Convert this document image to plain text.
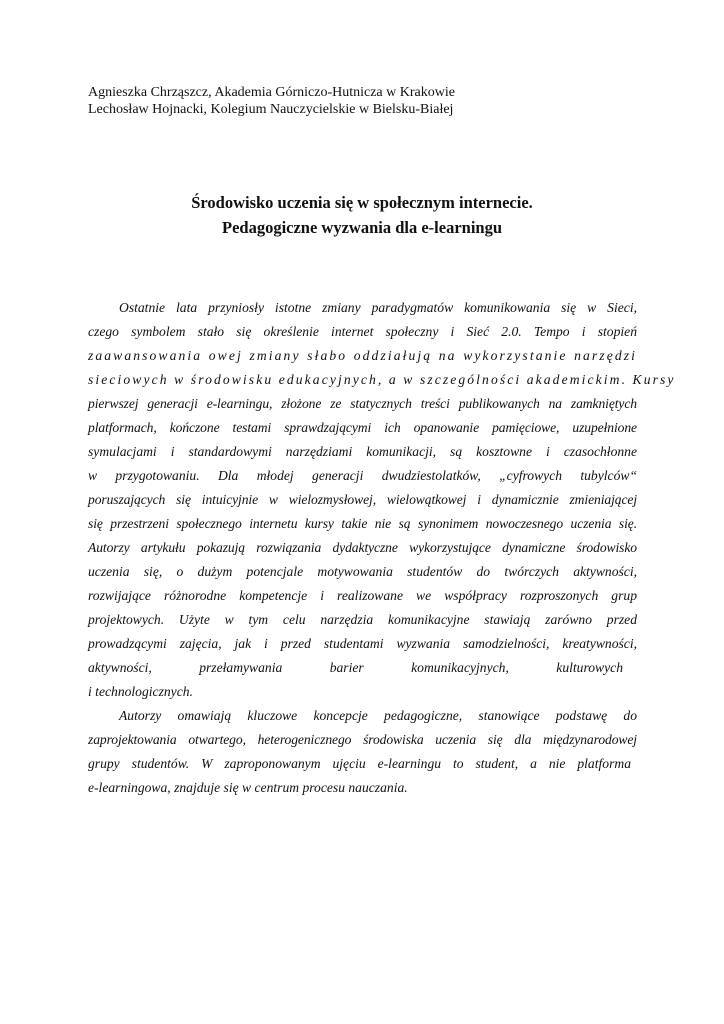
Agnieszka Chrząszcz, Akademia Górniczo-Hutnicza w Krakowie
Lechosław Hojnacki, Kolegium Nauczycielskie w Bielsku-Białej
Środowisko uczenia się w społecznym internecie.
Pedagogiczne wyzwania dla e-learningu

Ostatnie lata przyniosły istotne zmiany paradygmatów komunikowania się w Sieci,
czego symbolem stało się określenie internet społeczny i Sieć 2.0. Tempo i stopień
zaawansowania owej zmiany słabo oddziałują na wykorzystanie narzędzi
sieciowych w środowisku edukacyjnych, a w szczególności akademickim. Kursy
pierwszej generacji e-learningu, złożone ze statycznych treści publikowanych na zamkniętych
platformach, kończone testami sprawdzającymi ich opanowanie pamięciowe, uzupełnione
symulacjami i standardowymi narzędziami komunikacji, są kosztowne i czasochłonne
w przygotowaniu. Dla młodej generacji dwudziestolatków, „cyfrowych tubylców“
poruszających się intuicyjnie w wielozmysłowej, wielowątkowej i dynamicznie zmieniającej
się przestrzeni społecznego internetu kursy takie nie są synonimem nowoczesnego uczenia się.
Autorzy artykułu pokazują rozwiązania dydaktyczne wykorzystujące dynamiczne środowisko
uczenia się, o dużym potencjale motywowania studentów do twórczych aktywności,
rozwijające różnorodne kompetencje i realizowane we współpracy rozproszonych grup
projektowych. Użyte w tym celu narzędzia komunikacyjne stawiają zarówno przed
prowadzącymi zajęcia, jak i przed studentami wyzwania samodzielności, kreatywności,
aktywności, przełamywania barier komunikacyjnych, kulturowych
i technologicznych.

Autorzy omawiają kluczowe koncepcje pedagogiczne, stanowiące podstawę do
zaprojektowania otwartego, heterogenicznego środowiska uczenia się dla międzynarodowej
grupy studentów. W zaproponowanym ujęciu e-learningu to student, a nie platforma
e-learningowa, znajduje się w centrum procesu nauczania.
